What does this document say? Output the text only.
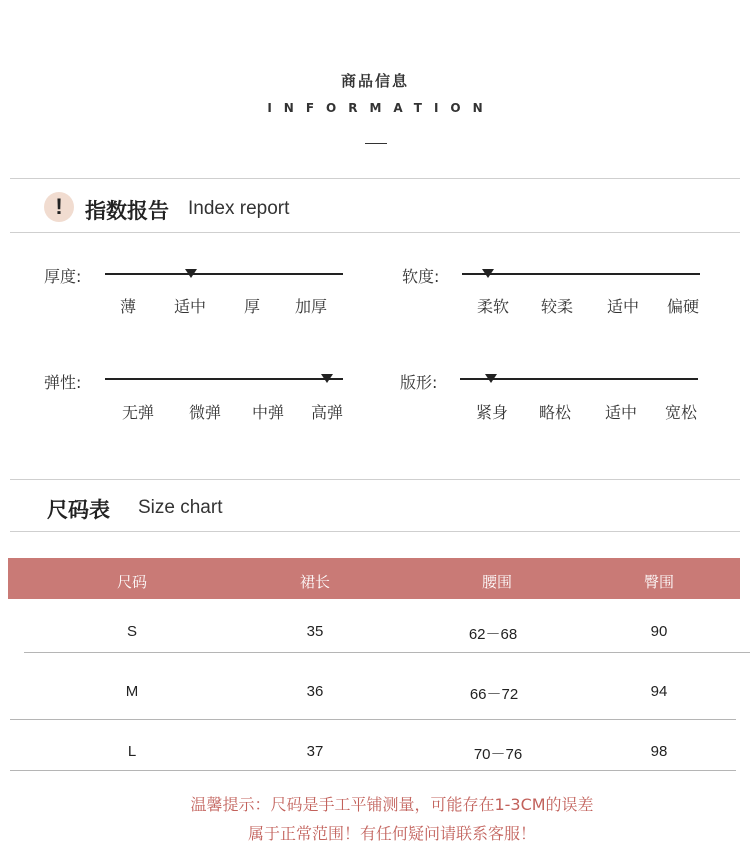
商品信息
INFORMATION
!	指数报告 Index report
厚度:
薄	适中	厚	加厚
软度:
柔软	较柔	适中	偏硬
弹性:
无弹	微弹	中弹	高弹
版形:
紧身	略松	适中	宽松
尺码表 Size chart
尺码	裙长	腰围	臀围
S	35	62－68	90
M	36	66－72	94
L	37	70－76	98
温馨提示：尺码是手工平铺测量，可能存在1-3CM的误差
属于正常范围！有任何疑问请联系客服！
